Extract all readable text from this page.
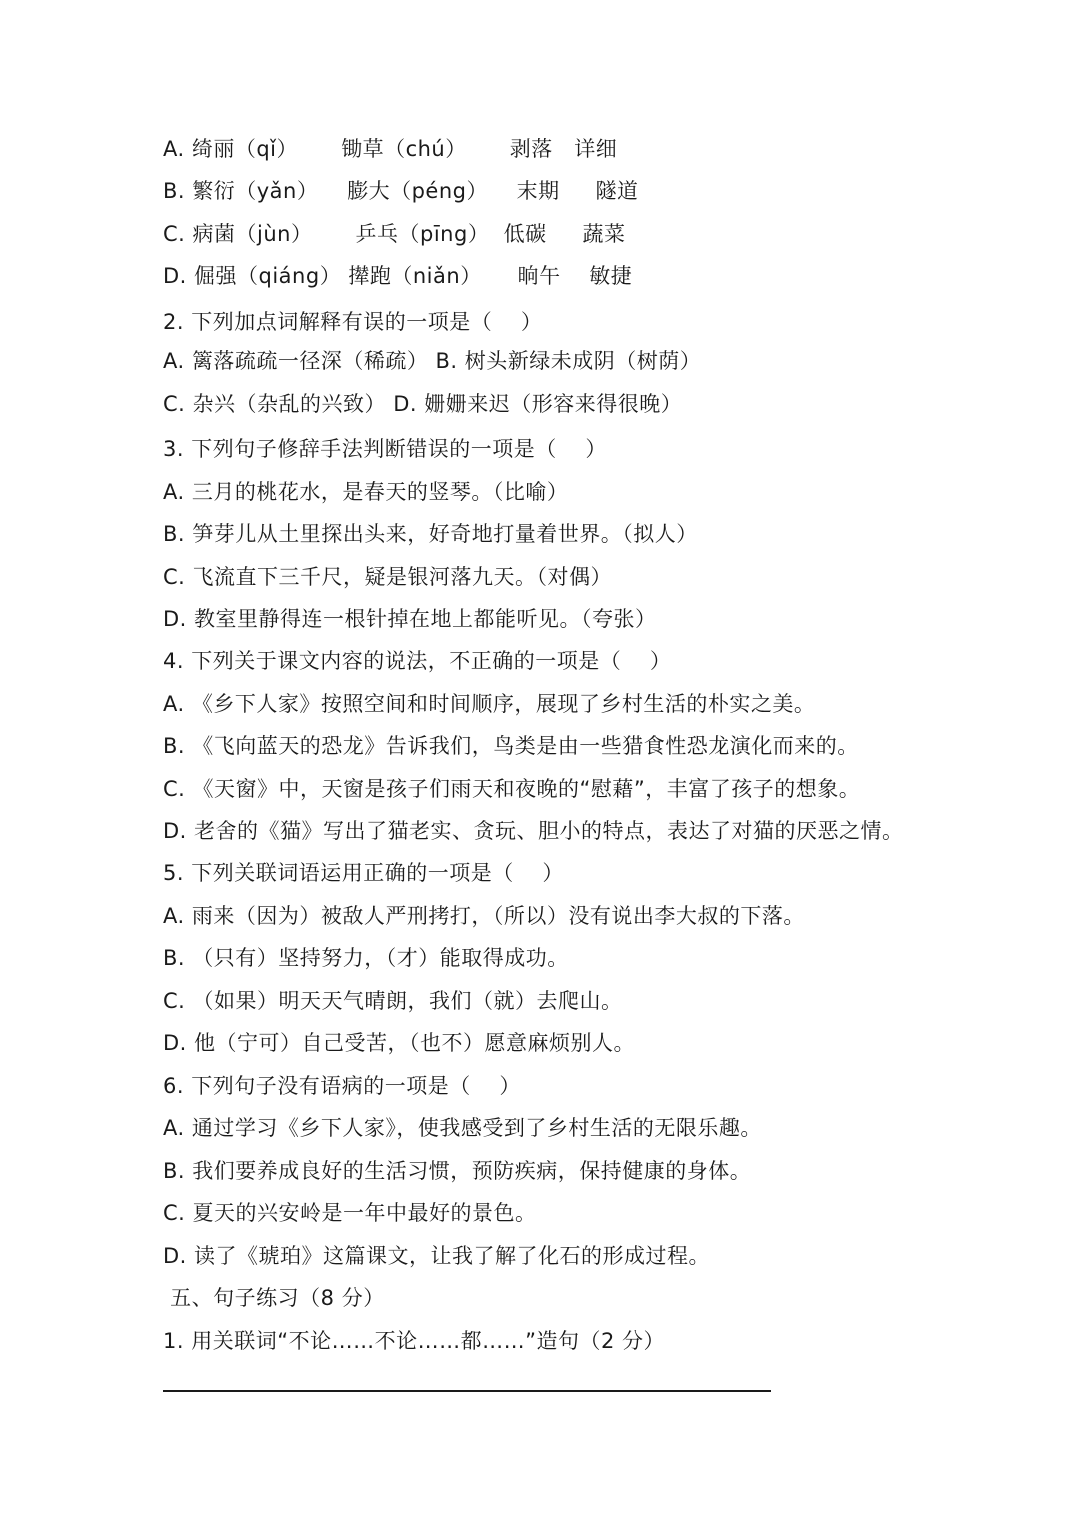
A. 绮丽（qǐ）      锄草（chú）      剥落   详细
B. 繁衍（yǎn）    膨大（péng）    末期     隧道
C. 病菌（jùn）      乒乓（pīng）  低碳     蔬菜
D. 倔强（qiáng） 撵跑（niǎn）     晌午    敏捷
2. 下列加点词解释有误的一项是（    ）
A. 篱落疏疏一径深（稀疏） B. 树头新绿未成阴（树荫）
C. 杂兴（杂乱的兴致） D. 姗姗来迟（形容来得很晚）
3. 下列句子修辞手法判断错误的一项是（    ）
A. 三月的桃花水，是春天的竖琴。（比喻）
B. 笋芽儿从土里探出头来，好奇地打量着世界。（拟人）
C. 飞流直下三千尺，疑是银河落九天。（对偶）
D. 教室里静得连一根针掉在地上都能听见。（夸张）
4. 下列关于课文内容的说法，不正确的一项是（    ）
A. 《乡下人家》按照空间和时间顺序，展现了乡村生活的朴实之美。
B. 《飞向蓝天的恐龙》告诉我们，鸟类是由一些猎食性恐龙演化而来的。
C. 《天窗》中，天窗是孩子们雨天和夜晚的“慰藉”，丰富了孩子的想象。
D. 老舍的《猫》写出了猫老实、贪玩、胆小的特点，表达了对猫的厌恶之情。
5. 下列关联词语运用正确的一项是（    ）
A. 雨来（因为）被敌人严刑拷打，（所以）没有说出李大叔的下落。
B. （只有）坚持努力，（才）能取得成功。
C. （如果）明天天气晴朗，我们（就）去爬山。
D. 他（宁可）自己受苦，（也不）愿意麻烦别人。
6. 下列句子没有语病的一项是（    ）
A. 通过学习《乡下人家》，使我感受到了乡村生活的无限乐趣。
B. 我们要养成良好的生活习惯，预防疾病，保持健康的身体。
C. 夏天的兴安岭是一年中最好的景色。
D. 读了《琥珀》这篇课文，让我了解了化石的形成过程。
五、句子练习（8 分）
1. 用关联词“不论……不论……都……”造句（2 分）
